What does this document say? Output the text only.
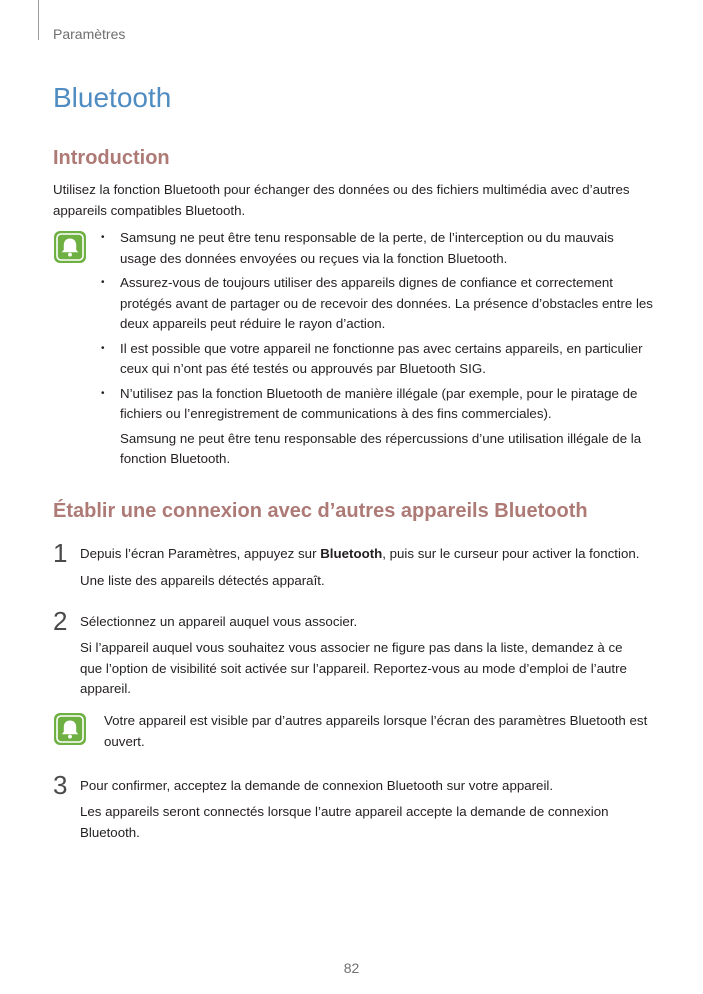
Paramètres
Bluetooth
Introduction

Utilisez la fonction Bluetooth pour échanger des données ou des fichiers multimédia avec d’autres appareils compatibles Bluetooth.

• Samsung ne peut être tenu responsable de la perte, de l’interception ou du mauvais usage des données envoyées ou reçues via la fonction Bluetooth.
• Assurez-vous de toujours utiliser des appareils dignes de confiance et correctement protégés avant de partager ou de recevoir des données. La présence d’obstacles entre les deux appareils peut réduire le rayon d’action.
• Il est possible que votre appareil ne fonctionne pas avec certains appareils, en particulier ceux qui n’ont pas été testés ou approuvés par Bluetooth SIG.
• N’utilisez pas la fonction Bluetooth de manière illégale (par exemple, pour le piratage de fichiers ou l’enregistrement de communications à des fins commerciales).
Samsung ne peut être tenu responsable des répercussions d’une utilisation illégale de la fonction Bluetooth.
Établir une connexion avec d’autres appareils Bluetooth
1 Depuis l’écran Paramètres, appuyez sur Bluetooth, puis sur le curseur pour activer la fonction.

Une liste des appareils détectés apparaît.

2 Sélectionnez un appareil auquel vous associer.

Si l’appareil auquel vous souhaitez vous associer ne figure pas dans la liste, demandez à ce que l’option de visibilité soit activée sur l’appareil. Reportez-vous au mode d’emploi de l’autre appareil.

Votre appareil est visible par d’autres appareils lorsque l’écran des paramètres Bluetooth est ouvert.

3 Pour confirmer, acceptez la demande de connexion Bluetooth sur votre appareil.

Les appareils seront connectés lorsque l’autre appareil accepte la demande de connexion Bluetooth.

82
